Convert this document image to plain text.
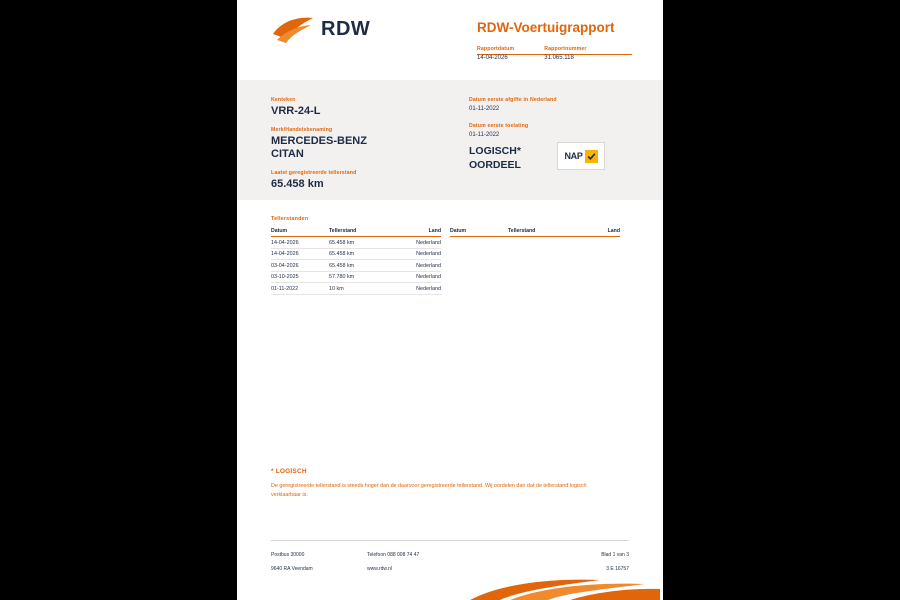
RDW	RDW-Voertuigrapport
Rapportdatum
14-04-2026
Rapportnummer
31.065.118
Kenteken
VRR-24-L
Merk/Handelsbenaming
MERCEDES-BENZ
CITAN
Laatst geregistreerde tellerstand
65.458 km
Datum eerste afgifte in Nederland
01-11-2022
Datum eerste toelating
01-11-2022
LOGISCH*
OORDEEL
NAP
Tellerstanden
Datum	Tellerstand	Land
14-04-2026	65.458 km	Nederland
14-04-2026	65.458 km	Nederland
03-04-2026	65.458 km	Nederland
03-10-2025	57.780 km	Nederland
01-11-2022	10 km	Nederland
Datum	Tellerstand	Land
* LOGISCH
De geregistreerde tellerstand is steeds hoger dan de daarvoor geregistreerde tellerstand. Wij oordelen dan dat de tellerstand logisch verklaarbaar is.
Postbus 30000
9640 RA Veendam
Telefoon 088 008 74 47
www.rdw.nl
Blad 1 van 3
3 E 16757
